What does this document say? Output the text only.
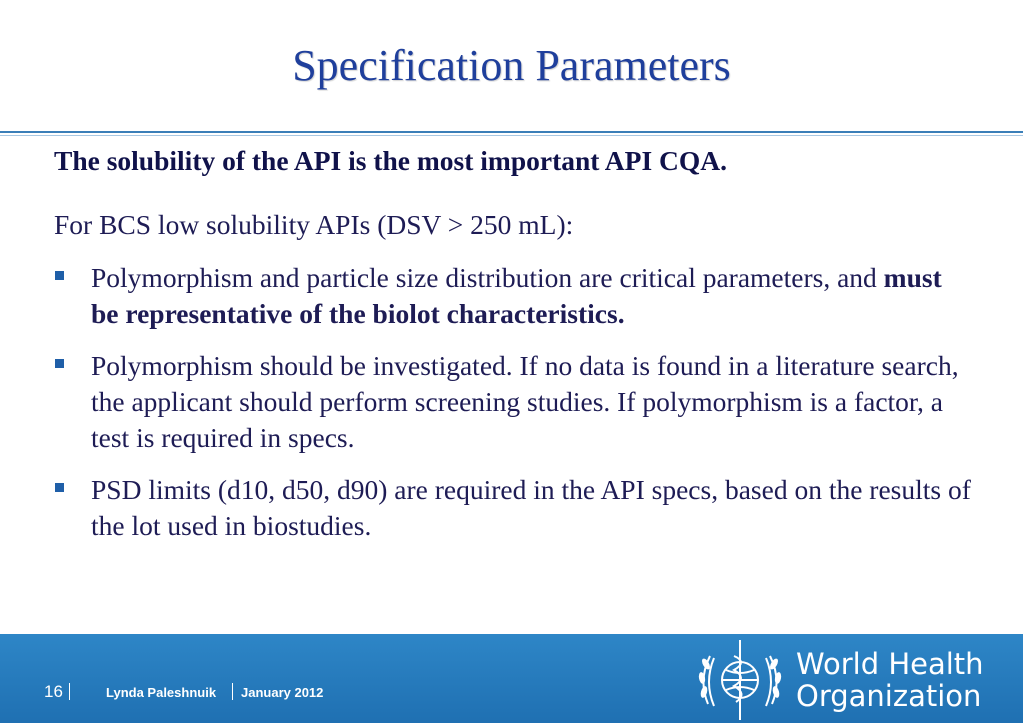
Specification Parameters

The solubility of the API is the most important API CQA.

For BCS low solubility APIs (DSV > 250 mL):

Polymorphism and particle size distribution are critical parameters, and must be representative of the biolot characteristics.
Polymorphism should be investigated. If no data is found in a literature search, the applicant should perform screening studies. If polymorphism is a factor, a test is required in specs.
PSD limits (d10, d50, d90) are required in the API specs, based on the results of the lot used in biostudies.
16	Lynda Paleshnuik January 2012
World Health
Organization
